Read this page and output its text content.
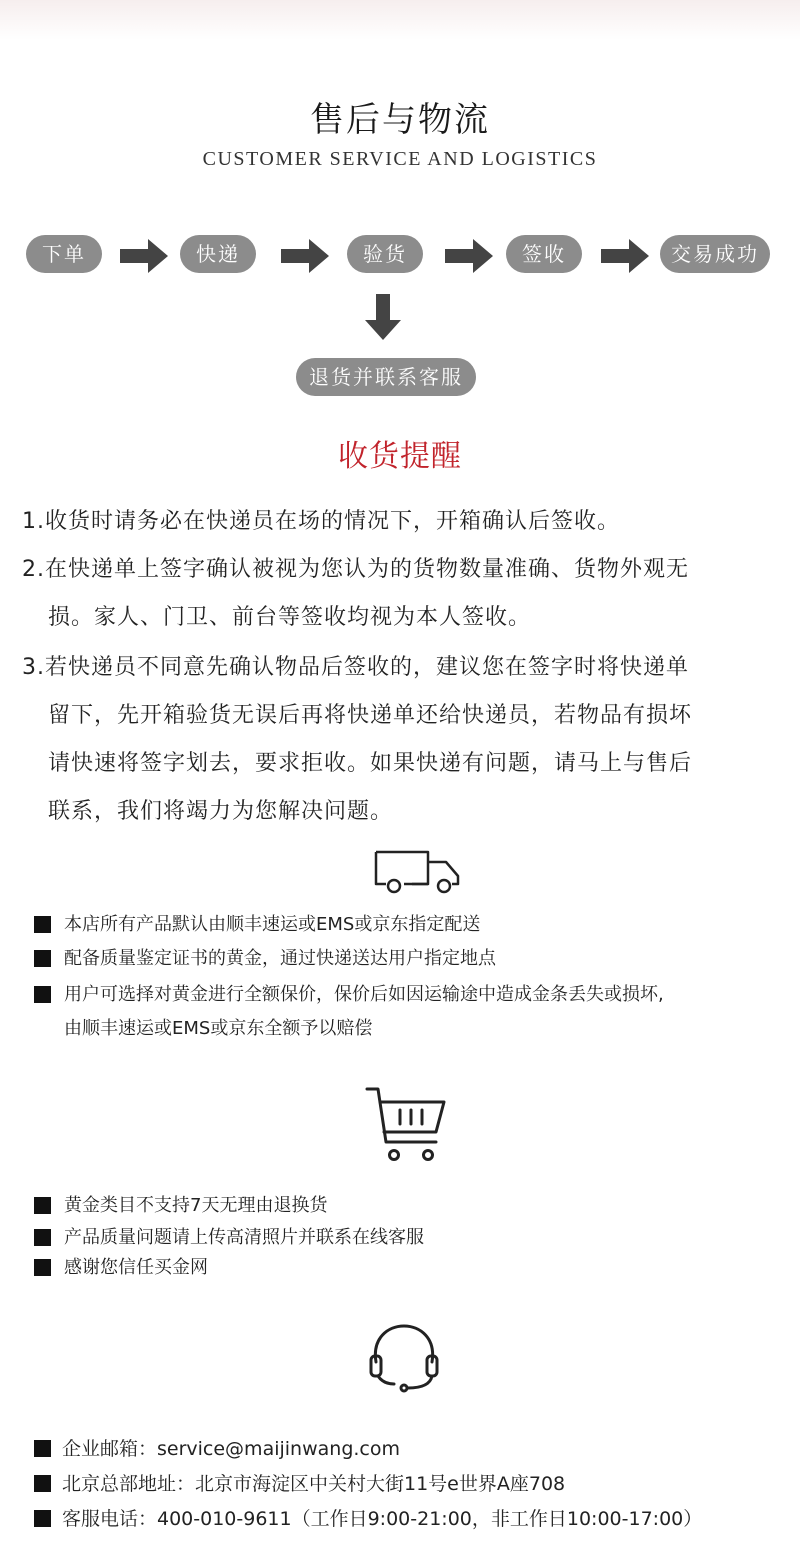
售后与物流
CUSTOMER SERVICE AND LOGISTICS
下单	快递	验货	签收	交易成功
退货并联系客服
收货提醒
1.收货时请务必在快递员在场的情况下，开箱确认后签收。
2.在快递单上签字确认被视为您认为的货物数量准确、货物外观无
损。家人、门卫、前台等签收均视为本人签收。
3.若快递员不同意先确认物品后签收的，建议您在签字时将快递单
留下，先开箱验货无误后再将快递单还给快递员，若物品有损坏
请快速将签字划去，要求拒收。如果快递有问题，请马上与售后
联系，我们将竭力为您解决问题。
本店所有产品默认由顺丰速运或EMS或京东指定配送
配备质量鉴定证书的黄金，通过快递送达用户指定地点
用户可选择对黄金进行全额保价，保价后如因运输途中造成金条丢失或损坏,
由顺丰速运或EMS或京东全额予以赔偿
黄金类目不支持7天无理由退换货
产品质量问题请上传高清照片并联系在线客服
感谢您信任买金网
企业邮箱：service@maijinwang.com
北京总部地址：北京市海淀区中关村大街11号e世界A座708
客服电话：400-010-9611（工作日9:00-21:00，非工作日10:00-17:00）
